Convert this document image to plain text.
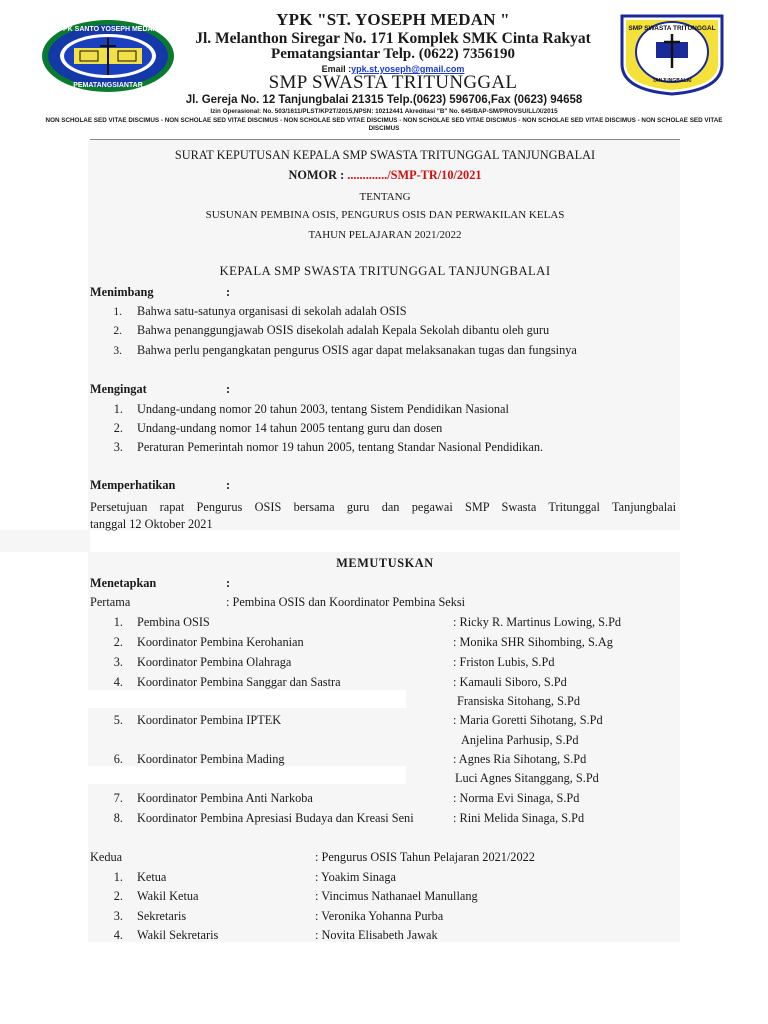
YPK SANTO YOSEPH MEDAN
PEMATANGSIANTAR
SMP SWASTA TRITUNGGAL
TANJUNGBALAI
YPK "ST. YOSEPH MEDAN "
Jl. Melanthon Siregar No. 171 Komplek SMK Cinta Rakyat
Pematangsiantar Telp. (0622) 7356190
Email :ypk.st.yoseph@gmail.com
SMP SWASTA TRITUNGGAL
Jl. Gereja No. 12 Tanjungbalai 21315 Telp.(0623) 596706,Fax (0623) 94658
Izin Operasional: No. 503/1611/PLST/KP2T/2015,NPSN: 10212441 Akreditasi "B" No. 645/BAP-SM/PROVSU/LL/X/2015
NON SCHOLAE SED VITAE DISCIMUS - NON SCHOLAE SED VITAE DISCIMUS - NON SCHOLAE SED VITAE DISCIMUS - NON SCHOLAE SED VITAE DISCIMUS - NON SCHOLAE SED VITAE DISCIMUS - NON SCHOLAE SED VITAE DISCIMUS
SURAT KEPUTUSAN KEPALA SMP SWASTA TRITUNGGAL TANJUNGBALAI
NOMOR : ............./SMP-TR/10/2021
TENTANG
SUSUNAN PEMBINA OSIS, PENGURUS OSIS DAN PERWAKILAN KELAS
TAHUN PELAJARAN 2021/2022
KEPALA SMP SWASTA TRITUNGGAL TANJUNGBALAI
Menimbang	:
1. Bahwa satu-satunya organisasi di sekolah adalah OSIS
2. Bahwa penanggungjawab OSIS disekolah adalah Kepala Sekolah dibantu oleh guru
3. Bahwa perlu pengangkatan pengurus OSIS agar dapat melaksanakan tugas dan fungsinya
Mengingat	:
1. Undang-undang nomor 20 tahun 2003, tentang Sistem Pendidikan Nasional
2. Undang-undang nomor 14 tahun 2005 tentang guru dan dosen
3. Peraturan Pemerintah nomor 19 tahun 2005, tentang Standar Nasional Pendidikan.
Memperhatikan	:
Persetujuan rapat Pengurus OSIS bersama guru dan pegawai SMP Swasta Tritunggal Tanjungbalai
tanggal 12 Oktober 2021
MEMUTUSKAN
Menetapkan	:
Pertama	: Pembina OSIS dan Koordinator Pembina Seksi
1. Pembina OSIS	: Ricky R. Martinus Lowing, S.Pd
2. Koordinator Pembina Kerohanian	: Monika SHR Sihombing, S.Ag
3. Koordinator Pembina Olahraga	: Friston Lubis, S.Pd
4. Koordinator Pembina Sanggar dan Sastra	: Kamauli Siboro, S.Pd
Fransiska Sitohang, S.Pd
5. Koordinator Pembina IPTEK	: Maria Goretti Sihotang, S.Pd
Anjelina Parhusip, S.Pd
6. Koordinator Pembina Mading	: Agnes Ria Sihotang, S.Pd
Luci Agnes Sitanggang, S.Pd
7. Koordinator Pembina Anti Narkoba	: Norma Evi Sinaga, S.Pd
8. Koordinator Pembina Apresiasi Budaya dan Kreasi Seni	: Rini Melida Sinaga, S.Pd
Kedua	: Pengurus OSIS Tahun Pelajaran 2021/2022
1. Ketua	: Yoakim Sinaga
2. Wakil Ketua	: Vincimus Nathanael Manullang
3. Sekretaris	: Veronika Yohanna Purba
4. Wakil Sekretaris	: Novita Elisabeth Jawak
